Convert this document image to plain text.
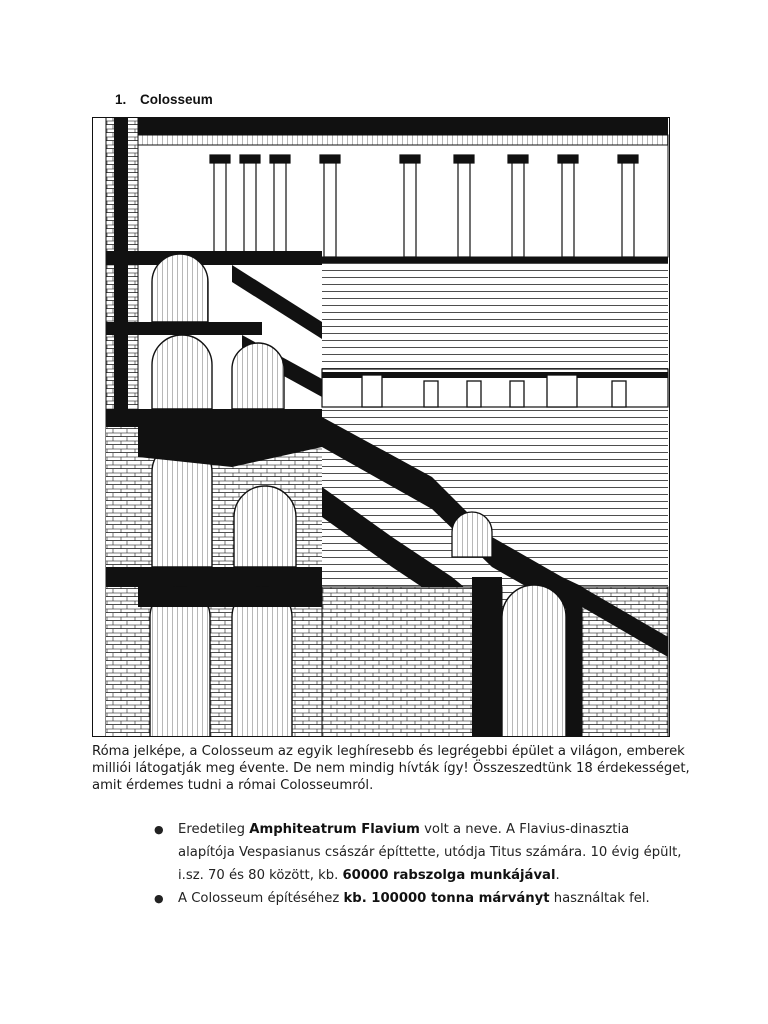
1. Colosseum

Róma jelképe, a Colosseum az egyik leghíresebb és legrégebbi épület a világon, emberek milliói látogatják meg évente. De nem mindig hívták így! Összeszedtünk 18 érdekességet, amit érdemes tudni a római Colosseumról.

● Eredetileg Amphiteatrum Flavium volt a neve. A Flavius-dinasztia alapítója Vespasianus császár építtette, utódja Titus számára. 10 évig épült, i.sz. 70 és 80 között, kb. 60000 rabszolga munkájával.
● A Colosseum építéséhez kb. 100000 tonna márványt használtak fel.
